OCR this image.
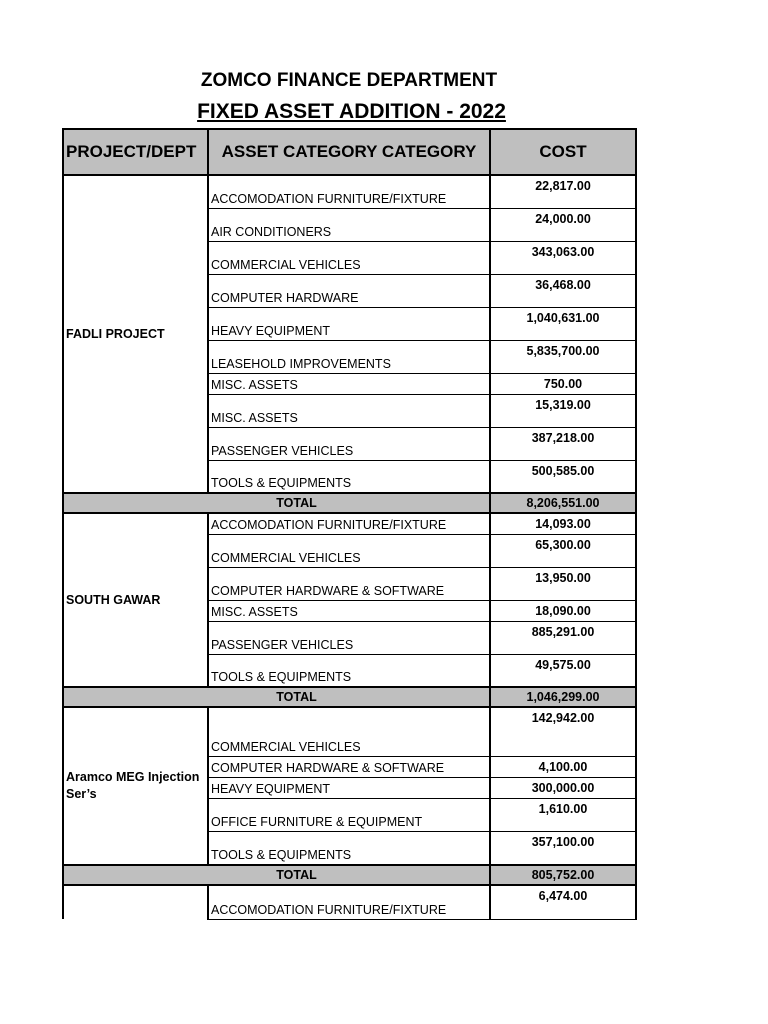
ZOMCO FINANCE DEPARTMENT
FIXED ASSET ADDITION - 2022
PROJECT/DEPT	ASSET CATEGORY CATEGORY	COST
FADLI PROJECT	ACCOMODATION FURNITURE/FIXTURE	22,817.00
	AIR CONDITIONERS	24,000.00
	COMMERCIAL VEHICLES	343,063.00
	COMPUTER HARDWARE	36,468.00
	HEAVY EQUIPMENT	1,040,631.00
	LEASEHOLD IMPROVEMENTS	5,835,700.00
	MISC. ASSETS	750.00
	MISC. ASSETS	15,319.00
	PASSENGER VEHICLES	387,218.00
	TOOLS & EQUIPMENTS	500,585.00
TOTAL		8,206,551.00
SOUTH GAWAR	ACCOMODATION FURNITURE/FIXTURE	14,093.00
	COMMERCIAL VEHICLES	65,300.00
	COMPUTER HARDWARE & SOFTWARE	13,950.00
	MISC. ASSETS	18,090.00
	PASSENGER VEHICLES	885,291.00
	TOOLS & EQUIPMENTS	49,575.00
TOTAL		1,046,299.00
Aramco MEG Injection Ser’s	COMMERCIAL VEHICLES	142,942.00
	COMPUTER HARDWARE & SOFTWARE	4,100.00
	HEAVY EQUIPMENT	300,000.00
	OFFICE FURNITURE & EQUIPMENT	1,610.00
	TOOLS & EQUIPMENTS	357,100.00
TOTAL		805,752.00
	ACCOMODATION FURNITURE/FIXTURE	6,474.00
